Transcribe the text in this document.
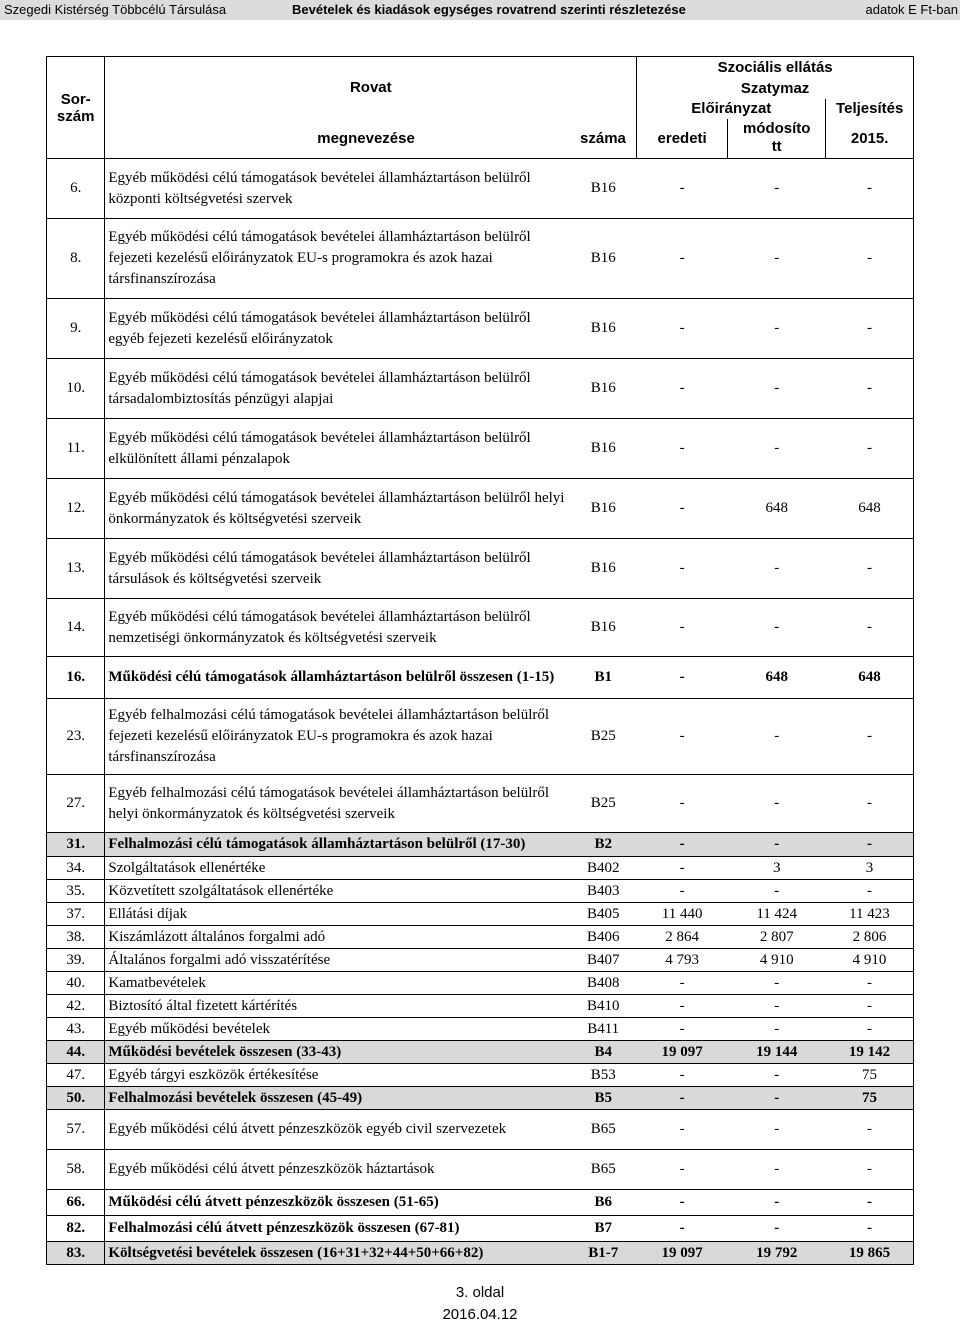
Szegedi Kistérség Többcélú Társulása	Bevételek és kiadások egységes rovatrend szerinti részletezése	adatok E Ft-ban
Sor-
szám	Rovat		Szociális ellátás		
			Szatymaz		
			Előirányzat		Teljesítés
	megnevezése	száma	eredeti	módosíto
tt	2015.
6.	Egyéb működési célú támogatások bevételei államháztartáson belülről központi költségvetési szervek	B16	-	-	-
8.	Egyéb működési célú támogatások bevételei államháztartáson belülről fejezeti kezelésű előirányzatok EU-s programokra és azok hazai társfinanszírozása	B16	-	-	-
9.	Egyéb működési célú támogatások bevételei államháztartáson belülről egyéb fejezeti kezelésű előirányzatok	B16	-	-	-
10.	Egyéb működési célú támogatások bevételei államháztartáson belülről társadalombiztosítás pénzügyi alapjai	B16	-	-	-
11.	Egyéb működési célú támogatások bevételei államháztartáson belülről elkülönített állami pénzalapok	B16	-	-	-
12.	Egyéb működési célú támogatások bevételei államháztartáson belülről helyi önkormányzatok és költségvetési szerveik	B16	-	648	648
13.	Egyéb működési célú támogatások bevételei államháztartáson belülről társulások és költségvetési szerveik	B16	-	-	-
14.	Egyéb működési célú támogatások bevételei államháztartáson belülről nemzetiségi önkormányzatok és költségvetési szerveik	B16	-	-	-
16.	Működési célú támogatások államháztartáson belülről összesen (1-15)	B1	-	648	648
23.	Egyéb felhalmozási célú támogatások bevételei államháztartáson belülről fejezeti kezelésű előirányzatok EU-s programokra és azok hazai társfinanszírozása	B25	-	-	-
27.	Egyéb felhalmozási célú támogatások bevételei államháztartáson belülről helyi önkormányzatok és költségvetési szerveik	B25	-	-	-
31.	Felhalmozási célú támogatások államháztartáson belülről (17-30)	B2	-	-	-
34.	Szolgáltatások ellenértéke	B402	-	3	3
35.	Közvetített szolgáltatások ellenértéke	B403	-	-	-
37.	Ellátási díjak	B405	11 440	11 424	11 423
38.	Kiszámlázott általános forgalmi adó	B406	2 864	2 807	2 806
39.	Általános forgalmi adó visszatérítése	B407	4 793	4 910	4 910
40.	Kamatbevételek	B408	-	-	-
42.	Biztosító által fizetett kártérítés	B410	-	-	-
43.	Egyéb működési bevételek	B411	-	-	-
44.	Működési bevételek összesen (33-43)	B4	19 097	19 144	19 142
47.	Egyéb tárgyi eszközök értékesítése	B53	-	-	75
50.	Felhalmozási bevételek összesen (45-49)	B5	-	-	75
57.	Egyéb működési célú átvett pénzeszközök egyéb civil szervezetek	B65	-	-	-
58.	Egyéb működési célú átvett pénzeszközök háztartások	B65	-	-	-
66.	Működési célú átvett pénzeszközök összesen (51-65)	B6	-	-	-
82.	Felhalmozási célú átvett pénzeszközök összesen (67-81)	B7	-	-	-
83.	Költségvetési bevételek összesen (16+31+32+44+50+66+82)	B1-7	19 097	19 792	19 865
3. oldal
2016.04.12
